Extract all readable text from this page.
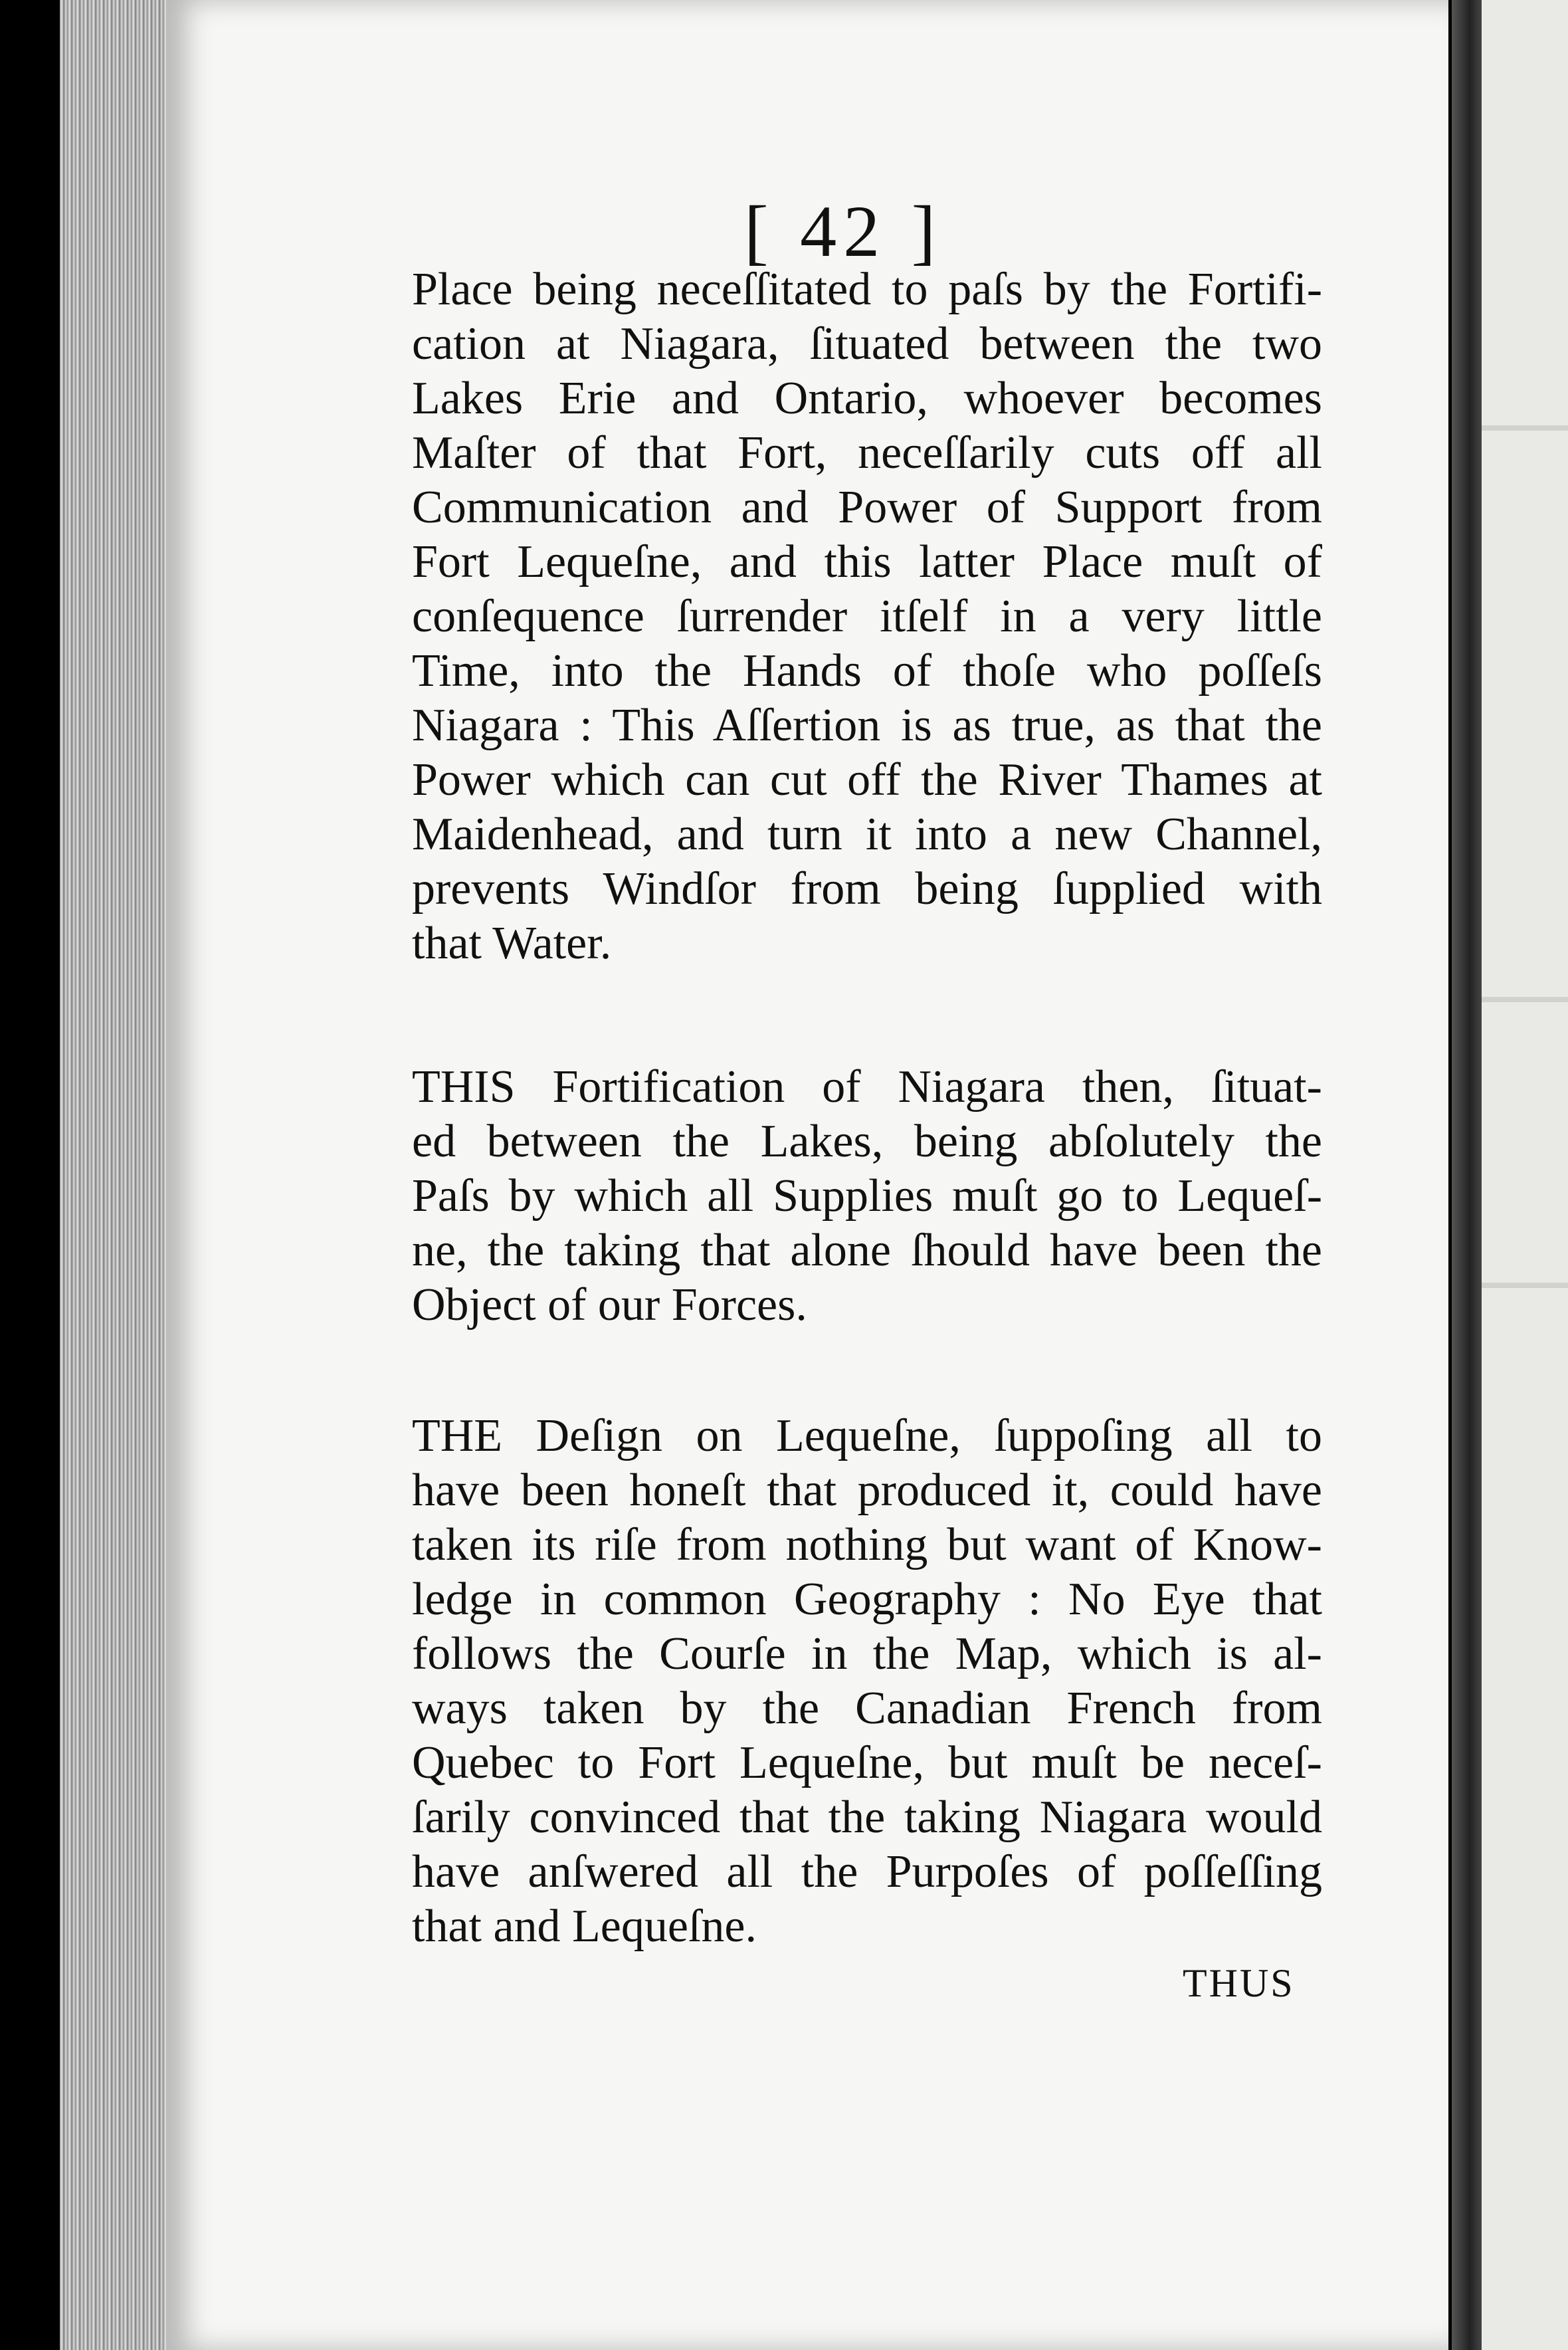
[ 42 ]
Place being neceſſitated to paſs by the Fortifi-
cation at Niagara, ſituated between the two
Lakes Erie and Ontario, whoever becomes
Maſter of that Fort, neceſſarily cuts off all
Communication and Power of Support from
Fort Lequeſne, and this latter Place muſt of
conſequence ſurrender itſelf in a very little
Time, into the Hands of thoſe who poſſeſs
Niagara : This Aſſertion is as true, as that the
Power which can cut off the River Thames at
Maidenhead, and turn it into a new Channel,
prevents Windſor from being ſupplied with
that Water.
THIS Fortification of Niagara then, ſituat-
ed between the Lakes, being abſolutely the
Paſs by which all Supplies muſt go to Lequeſ-
ne, the taking that alone ſhould have been the
Object of our Forces.
THE Deſign on Lequeſne, ſuppoſing all to
have been honeſt that produced it, could have
taken its riſe from nothing but want of Know-
ledge in common Geography : No Eye that
follows the Courſe in the Map, which is al-
ways taken by the Canadian French from
Quebec to Fort Lequeſne, but muſt be neceſ-
ſarily convinced that the taking Niagara would
have anſwered all the Purpoſes of poſſeſſing
that and Lequeſne.
THUS
